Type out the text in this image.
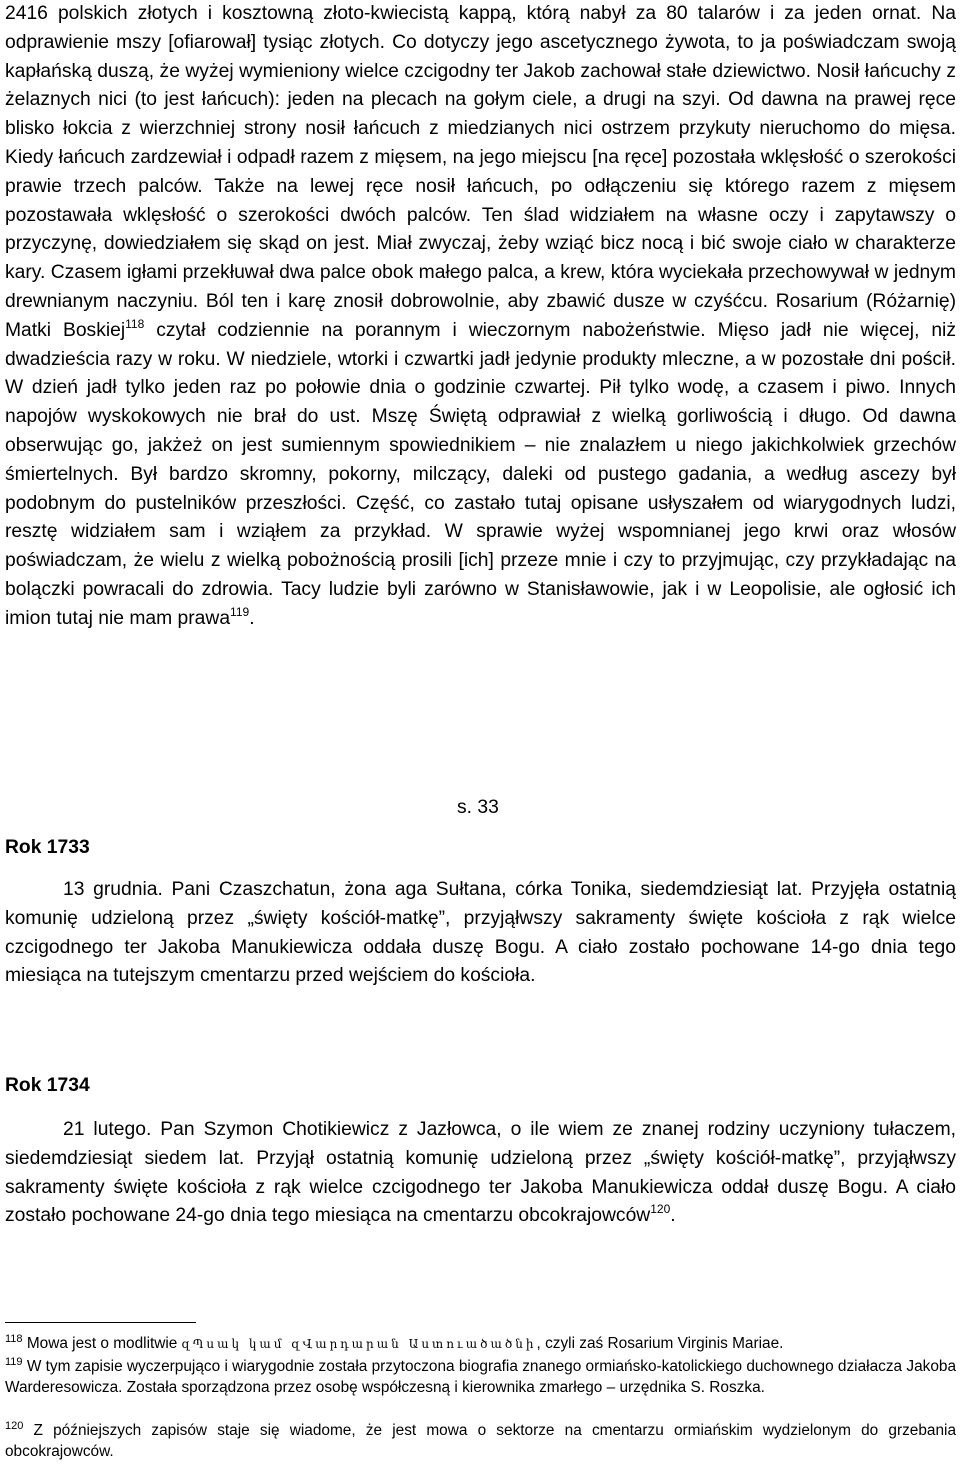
2416 polskich złotych i kosztowną złoto-kwiecistą kappą, którą nabył za 80 talarów i za jeden ornat. Na odprawienie mszy [ofiarował] tysiąc złotych. Co dotyczy jego ascetycznego żywota, to ja poświadczam swoją kapłańską duszą, że wyżej wymieniony wielce czcigodny ter Jakob zachował stałe dziewictwo. Nosił łańcuchy z żelaznych nici (to jest łańcuch): jeden na plecach na gołym ciele, a drugi na szyi. Od dawna na prawej ręce blisko łokcia z wierzchniej strony nosił łańcuch z miedzianych nici ostrzem przykuty nieruchomo do mięsa. Kiedy łańcuch zardzewiał i odpadł razem z mięsem, na jego miejscu [na ręce] pozostała wklęsłość o szerokości prawie trzech palców. Także na lewej ręce nosił łańcuch, po odłączeniu się którego razem z mięsem pozostawała wklęsłość o szerokości dwóch palców. Ten ślad widziałem na własne oczy i zapytawszy o przyczynę, dowiedziałem się skąd on jest. Miał zwyczaj, żeby wziąć bicz nocą i bić swoje ciało w charakterze kary. Czasem igłami przekłuwał dwa palce obok małego palca, a krew, która wyciekała przechowywał w jednym drewnianym naczyniu. Ból ten i karę znosił dobrowolnie, aby zbawić dusze w czyśćcu. Rosarium (Różarnię) Matki Boskiej$^{118}$ czytał codziennie na porannym i wieczornym nabożeństwie. Mięso jadł nie więcej, niż dwadzieścia razy w roku. W niedziele, wtorki i czwartki jadł jedynie produkty mleczne, a w pozostałe dni pościł. W dzień jadł tylko jeden raz po połowie dnia o godzinie czwartej. Pił tylko wodę, a czasem i piwo. Innych napojów wyskokowych nie brał do ust. Mszę Świętą odprawiał z wielką gorliwością i długo. Od dawna obserwując go, jakżeż on jest sumiennym spowiednikiem – nie znalazłem u niego jakichkolwiek grzechów śmiertelnych. Był bardzo skromny, pokorny, milczący, daleki od pustego gadania, a według ascezy był podobnym do pustelników przeszłości. Część, co zastało tutaj opisane usłyszałem od wiarygodnych ludzi, resztę widziałem sam i wziąłem za przykład. W sprawie wyżej wspomnianej jego krwi oraz włosów poświadczam, że wielu z wielką pobożnością prosili [ich] przeze mnie i czy to przyjmując, czy przykładając na bolączki powracali do zdrowia. Tacy ludzie byli zarówno w Stanisławowie, jak i w Leopolisie, ale ogłosić ich imion tutaj nie mam prawa$^{119}$.

s. 33
Rok 1733

13 grudnia. Pani Czaszchatun, żona aga Sułtana, córka Tonika, siedemdziesiąt lat. Przyjęła ostatnią komunię udzieloną przez „święty kościół-matkę”, przyjąłwszy sakramenty święte kościoła z rąk wielce czcigodnego ter Jakoba Manukiewicza oddała duszę Bogu. A ciało zostało pochowane 14-go dnia tego miesiąca na tutejszym cmentarzu przed wejściem do kościoła.

Rok 1734

21 lutego. Pan Szymon Chotikiewicz z Jazłowca, o ile wiem ze znanej rodziny uczyniony tułaczem, siedemdziesiąt siedem lat. Przyjął ostatnią komunię udzieloną przez „święty kościół-matkę”, przyjąłwszy sakramenty święte kościoła z rąk wielce czcigodnego ter Jakoba Manukiewicza oddał duszę Bogu. A ciało zostało pochowane 24-go dnia tego miesiąca na cmentarzu obcokrajowców$^{120}$.

$^{118}$ Mowa jest o modlitwie զՊսակ կամ զՎարդարան Աստուածածնի, czyli zaś Rosarium Virginis Mariae.

$^{119}$ W tym zapisie wyczerpująco i wiarygodnie została przytoczona biografia znanego ormiańsko-katolickiego duchownego działacza Jakoba Warderesowicza. Została sporządzona przez osobę współczesną i kierownika zmarłego – urzędnika S. Roszka.

$^{120}$ Z późniejszych zapisów staje się wiadome, że jest mowa o sektorze na cmentarzu ormiańskim wydzielonym do grzebania obcokrajowców.
